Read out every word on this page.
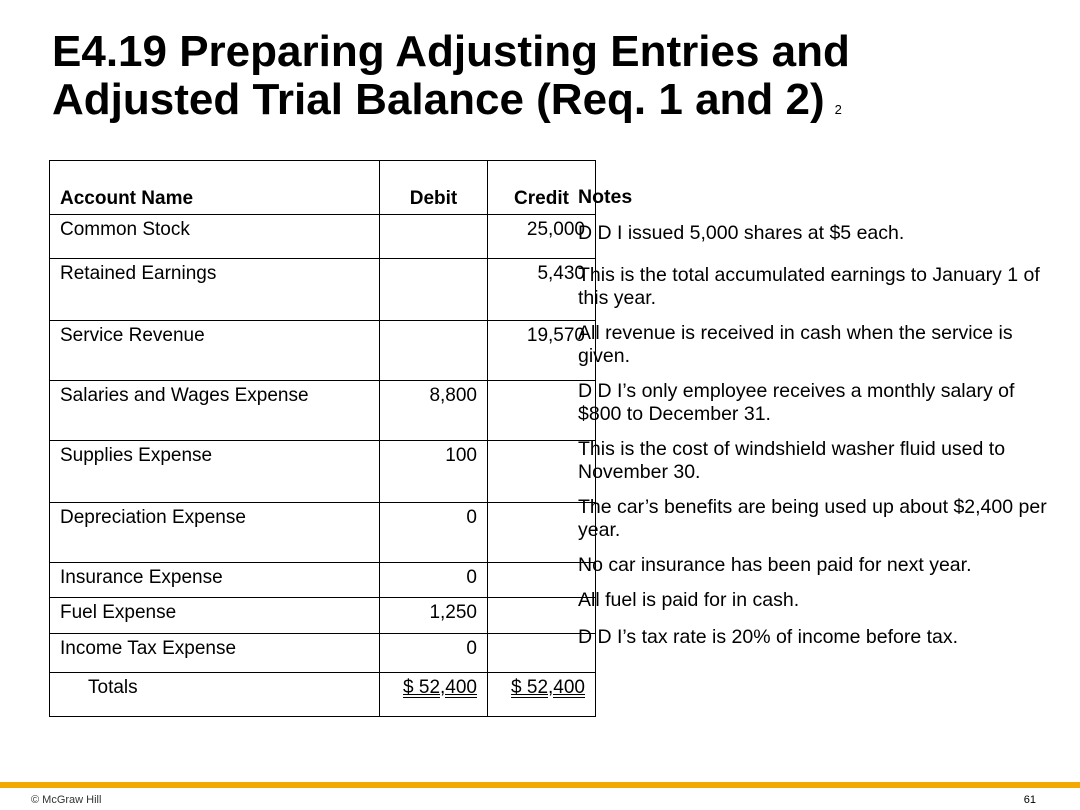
E4.19 Preparing Adjusting Entries and
Adjusted Trial Balance (Req. 1 and 2) 2
Account Name	Debit	Credit
Common Stock		25,000
Retained Earnings		5,430
Service Revenue		19,570
Salaries and Wages Expense	8,800	
Supplies Expense	100	
Depreciation Expense	0	
Insurance Expense	0	
Fuel Expense	1,250	
Income Tax Expense	0	
Totals	$ 52,400	$ 52,400
Notes
D D I issued 5,000 shares at $5 each.
This is the total accumulated earnings to January 1 of this year.
All revenue is received in cash when the service is given.
D D I’s only employee receives a monthly salary of $800 to December 31.
This is the cost of windshield washer fluid used to November 30.
The car’s benefits are being used up about $2,400 per year.
No car insurance has been paid for next year.
All fuel is paid for in cash.
D D I’s tax rate is 20% of income before tax.
© McGraw Hill	61
